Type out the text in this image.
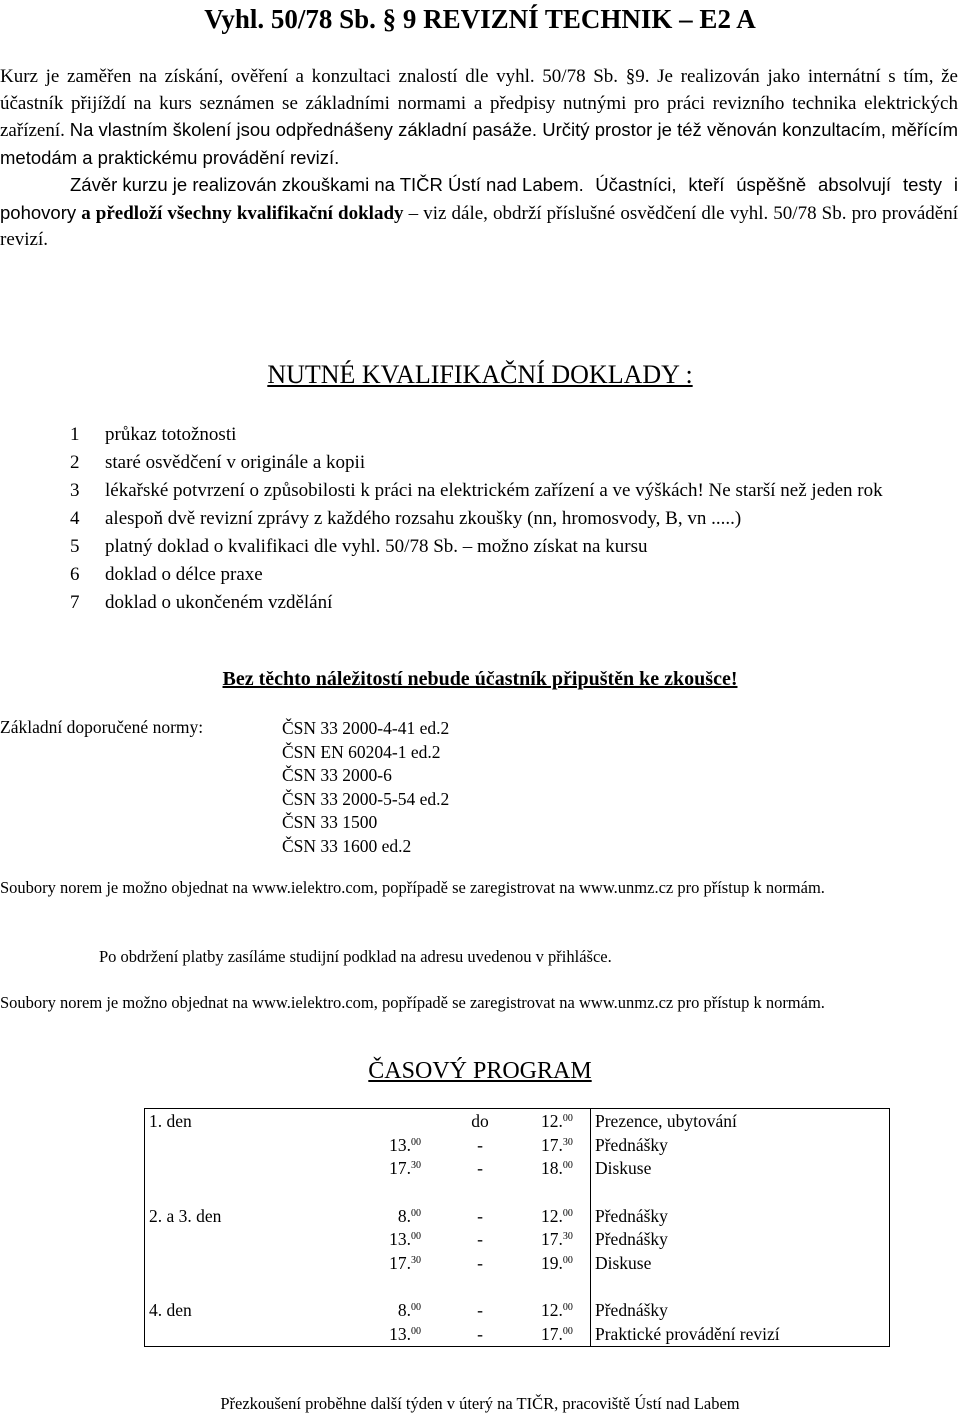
Vyhl. 50/78 Sb. § 9 REVIZNÍ TECHNIK – E2 A

Kurz je zaměřen na získání, ověření a konzultaci znalostí dle vyhl. 50/78 Sb. §9. Je realizován jako internátní s tím, že účastník přijíždí na kurs seznámen se základními normami a předpisy nutnými pro práci revizního technika elektrických zařízení. Na vlastním školení jsou odpřednášeny základní pasáže. Určitý prostor je též věnován konzultacím, měřícím metodám a praktickému provádění revizí.

Závěr kurzu je realizován zkouškami na TIČR Ústí nad Labem. Účastníci, kteří úspěšně absolvují testy i pohovory a předloží všechny kvalifikační doklady – viz dále, obdrží příslušné osvědčení dle vyhl. 50/78 Sb. pro provádění revizí.

NUTNÉ KVALIFIKAČNÍ DOKLADY :
1	průkaz totožnosti
2	staré osvědčení v originále a kopii
3	lékařské potvrzení o způsobilosti k práci na elektrickém zařízení a ve výškách! Ne starší než jeden rok
4	alespoň dvě revizní zprávy z každého rozsahu zkoušky (nn, hromosvody, B, vn .....)
5	platný doklad o kvalifikaci dle vyhl. 50/78 Sb. – možno získat na kursu
6	doklad o délce praxe
7	doklad o ukončeném vzdělání
Bez těchto náležitostí nebude účastník připuštěn ke zkoušce!
Základní doporučené normy:	ČSN 33 2000-4-41 ed.2
ČSN EN 60204-1 ed.2
ČSN 33 2000-6
ČSN 33 2000-5-54 ed.2
ČSN 33 1500
ČSN 33 1600 ed.2
Soubory norem je možno objednat na www.ielektro.com, popřípadě se zaregistrovat na www.unmz.cz pro přístup k normám.
Po obdržení platby zasíláme studijní podklad na adresu uvedenou v přihlášce.
Soubory norem je možno objednat na www.ielektro.com, popřípadě se zaregistrovat na www.unmz.cz pro přístup k normám.
ČASOVÝ PROGRAM
1. den		do	12.00	Prezence, ubytování
	13.00	-	17.30	Přednášky
	17.30	-	18.00	Diskuse

2. a 3. den	8.00	-	12.00	Přednášky
	13.00	-	17.30	Přednášky
	17.30	-	19.00	Diskuse

4. den	8.00	-	12.00	Přednášky
	13.00	-	17.00	Praktické provádění revizí
Přezkoušení proběhne další týden v úterý na TIČR, pracoviště Ústí nad Labem
